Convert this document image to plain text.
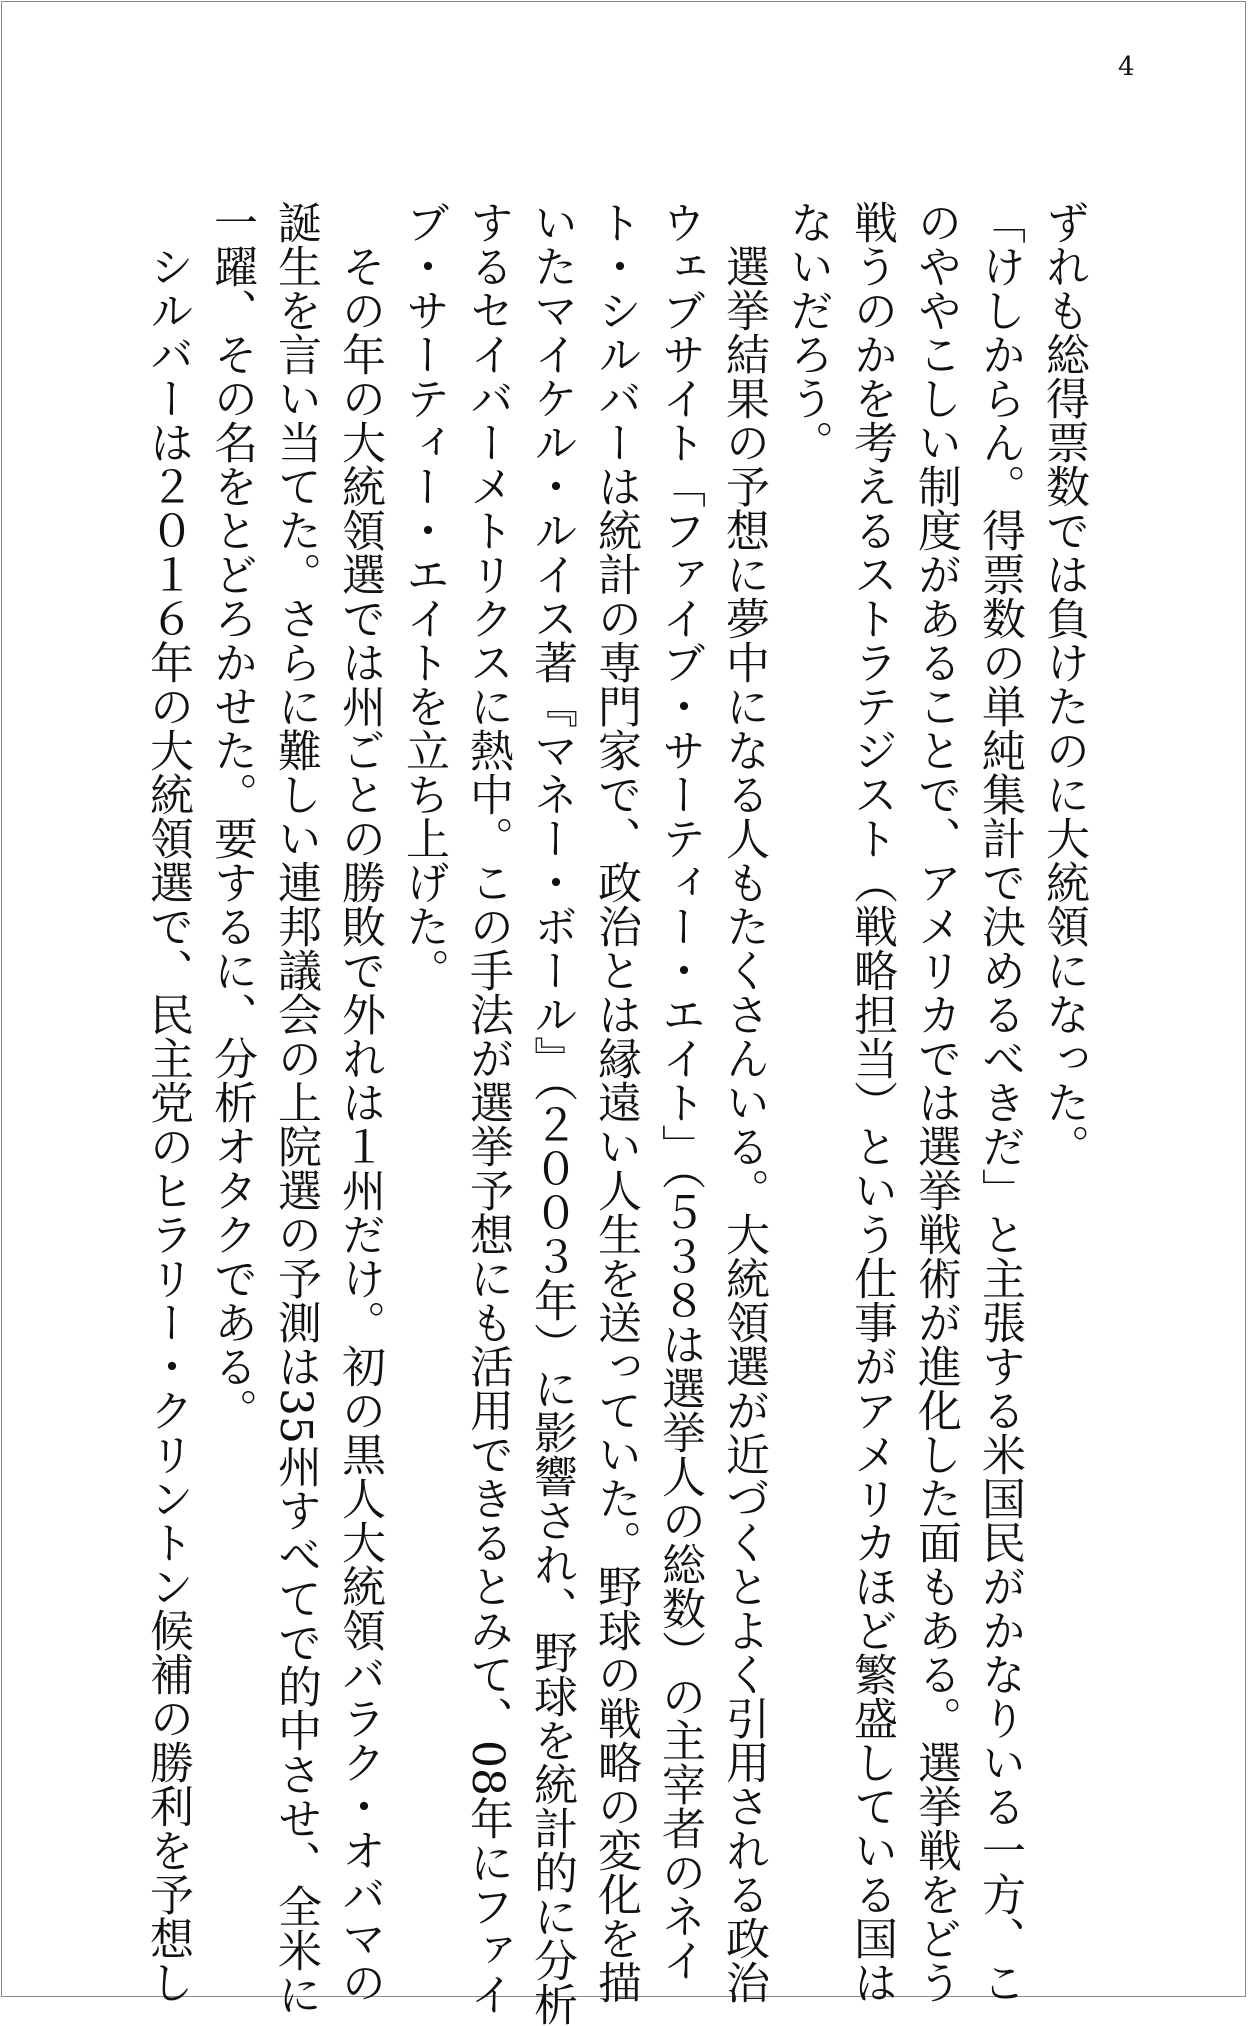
4
ずれも総得票数では負けたのに大統領になった。
「けしからん。得票数の単純集計で決めるべきだ」と主張する米国民がかなりいる一方、こ
のややこしい制度があることで、アメリカでは選挙戦術が進化した面もある。選挙戦をどう
戦うのかを考えるストラテジスト（戦略担当）という仕事がアメリカほど繁盛している国は
ないだろう。
　選挙結果の予想に夢中になる人もたくさんいる。大統領選が近づくとよく引用される政治
ウェブサイト「ファイブ・サーティー・エイト」（５３８は選挙人の総数）の主宰者のネイ
ト・シルバーは統計の専門家で、政治とは縁遠い人生を送っていた。野球の戦略の変化を描
いたマイケル・ルイス著『マネー・ボール』（２００３年）に影響され、野球を統計的に分析
するセイバーメトリクスに熱中。この手法が選挙予想にも活用できるとみて、08年にファイ
ブ・サーティー・エイトを立ち上げた。
　その年の大統領選では州ごとの勝敗で外れは１州だけ。初の黒人大統領バラク・オバマの
誕生を言い当てた。さらに難しい連邦議会の上院選の予測は35州すべてで的中させ、全米に
一躍、その名をとどろかせた。要するに、分析オタクである。
　シルバーは２０１６年の大統領選で、民主党のヒラリー・クリントン候補の勝利を予想し
